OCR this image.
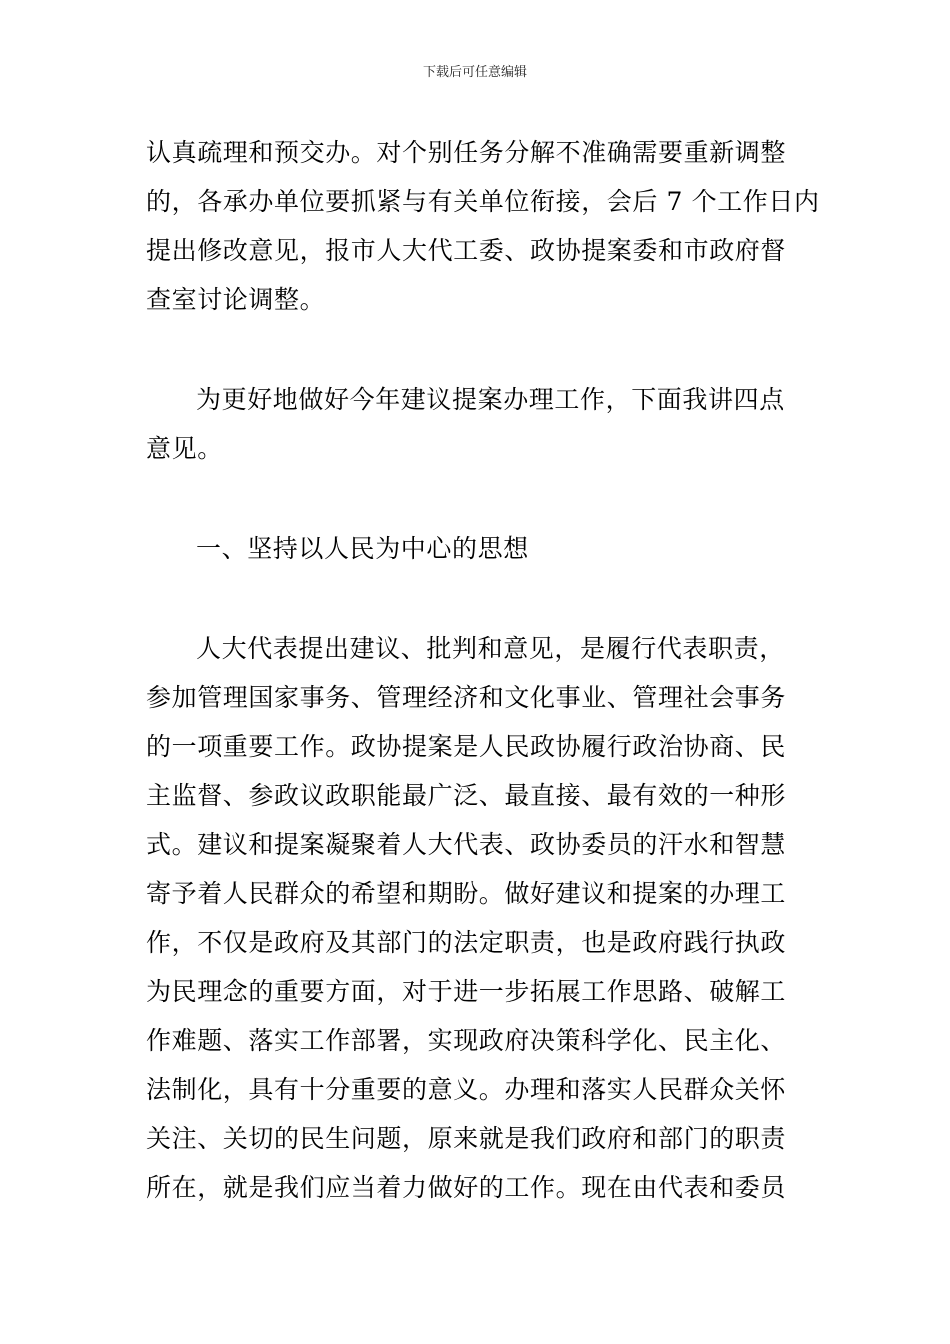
下载后可任意编辑
认真疏理和预交办。对个别任务分解不准确需要重新调整
的，各承办单位要抓紧与有关单位衔接，会后 7 个工作日内
提出修改意见，报市人大代工委、政协提案委和市政府督
查室讨论调整。
为更好地做好今年建议提案办理工作，下面我讲四点
意见。
一、坚持以人民为中心的思想
人大代表提出建议、批判和意见，是履行代表职责，
参加管理国家事务、管理经济和文化事业、管理社会事务
的一项重要工作。政协提案是人民政协履行政治协商、民
主监督、参政议政职能最广泛、最直接、最有效的一种形
式。建议和提案凝聚着人大代表、政协委员的汗水和智慧
寄予着人民群众的希望和期盼。做好建议和提案的办理工
作，不仅是政府及其部门的法定职责，也是政府践行执政
为民理念的重要方面，对于进一步拓展工作思路、破解工
作难题、落实工作部署，实现政府决策科学化、民主化、
法制化，具有十分重要的意义。办理和落实人民群众关怀
关注、关切的民生问题，原来就是我们政府和部门的职责
所在，就是我们应当着力做好的工作。现在由代表和委员
